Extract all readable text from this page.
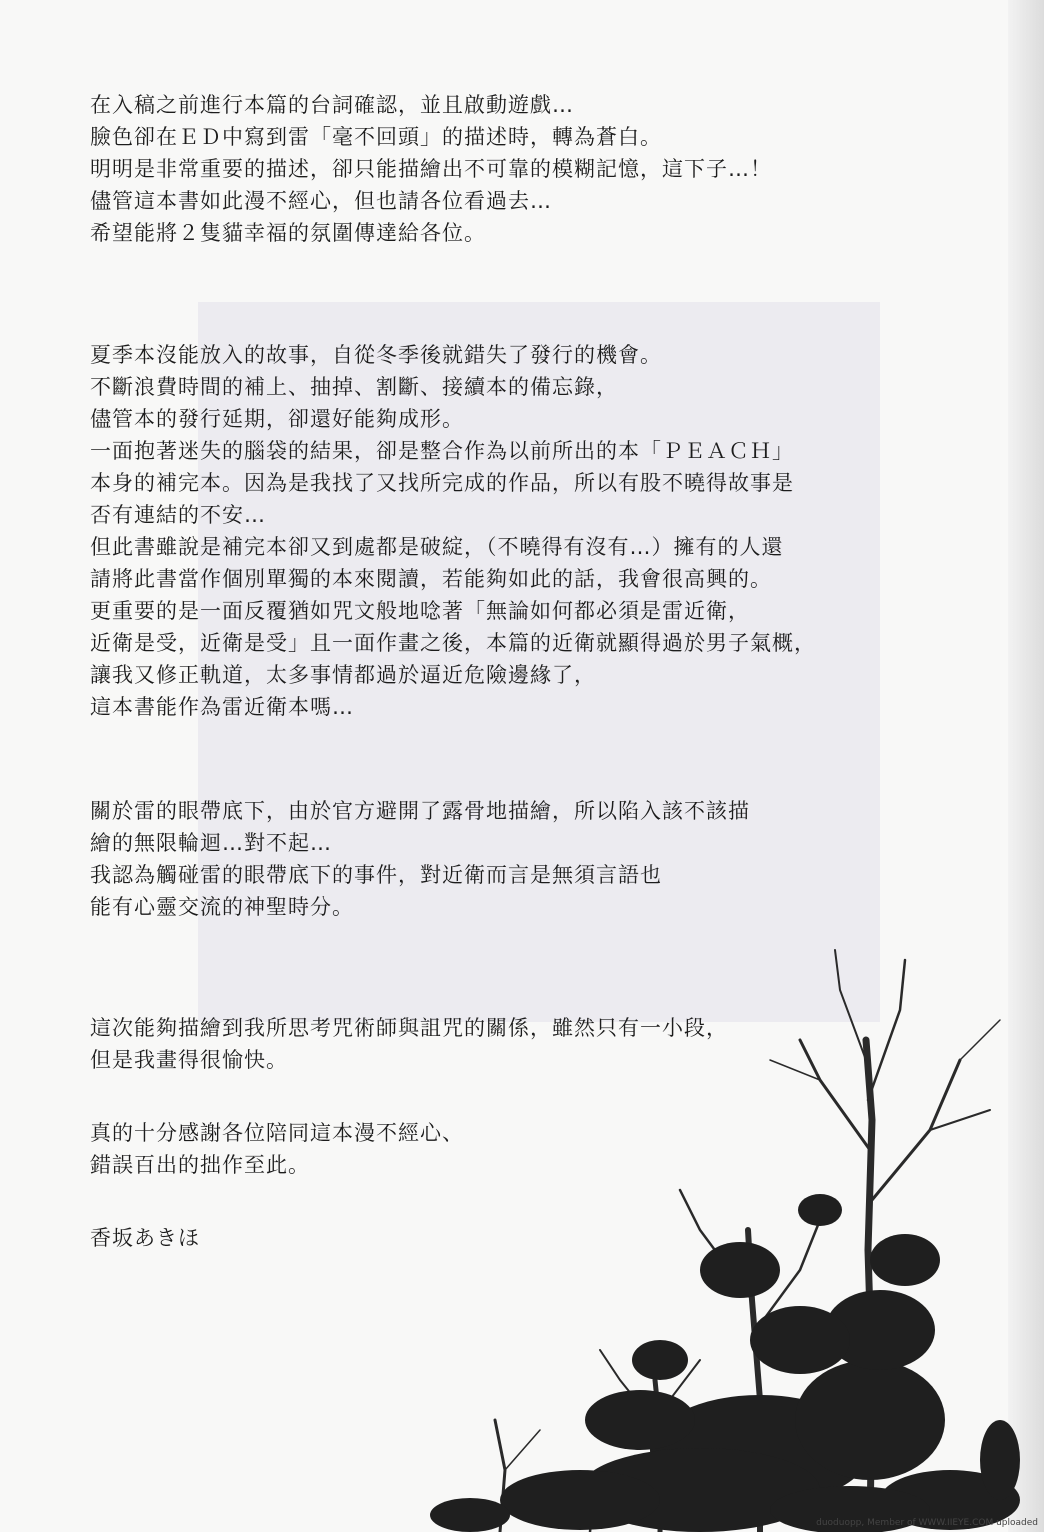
在入稿之前進行本篇的台詞確認，並且啟動遊戲…
臉色卻在ＥＤ中寫到雷「毫不回頭」的描述時，轉為蒼白。
明明是非常重要的描述，卻只能描繪出不可靠的模糊記憶，這下子…！
儘管這本書如此漫不經心，但也請各位看過去…
希望能將２隻貓幸福的氛圍傳達給各位。
夏季本沒能放入的故事，自從冬季後就錯失了發行的機會。
不斷浪費時間的補上、抽掉、割斷、接續本的備忘錄，
儘管本的發行延期，卻還好能夠成形。
一面抱著迷失的腦袋的結果，卻是整合作為以前所出的本「ＰＥＡＣＨ」
本身的補完本。因為是我找了又找所完成的作品，所以有股不曉得故事是
否有連結的不安…
但此書雖說是補完本卻又到處都是破綻，（不曉得有沒有…）擁有的人還
請將此書當作個別單獨的本來閱讀，若能夠如此的話，我會很高興的。
更重要的是一面反覆猶如咒文般地唸著「無論如何都必須是雷近衛，
近衛是受，近衛是受」且一面作畫之後，本篇的近衛就顯得過於男子氣概，
讓我又修正軌道，太多事情都過於逼近危險邊緣了，
這本書能作為雷近衛本嗎…
關於雷的眼帶底下，由於官方避開了露骨地描繪，所以陷入該不該描
繪的無限輪迴…對不起…
我認為觸碰雷的眼帶底下的事件，對近衛而言是無須言語也
能有心靈交流的神聖時分。
這次能夠描繪到我所思考咒術師與詛咒的關係，雖然只有一小段，
但是我畫得很愉快。
真的十分感謝各位陪同這本漫不經心、
錯誤百出的拙作至此。
香坂あきほ
duoduopp, Member of WWW.IIEYE.COM uploaded
